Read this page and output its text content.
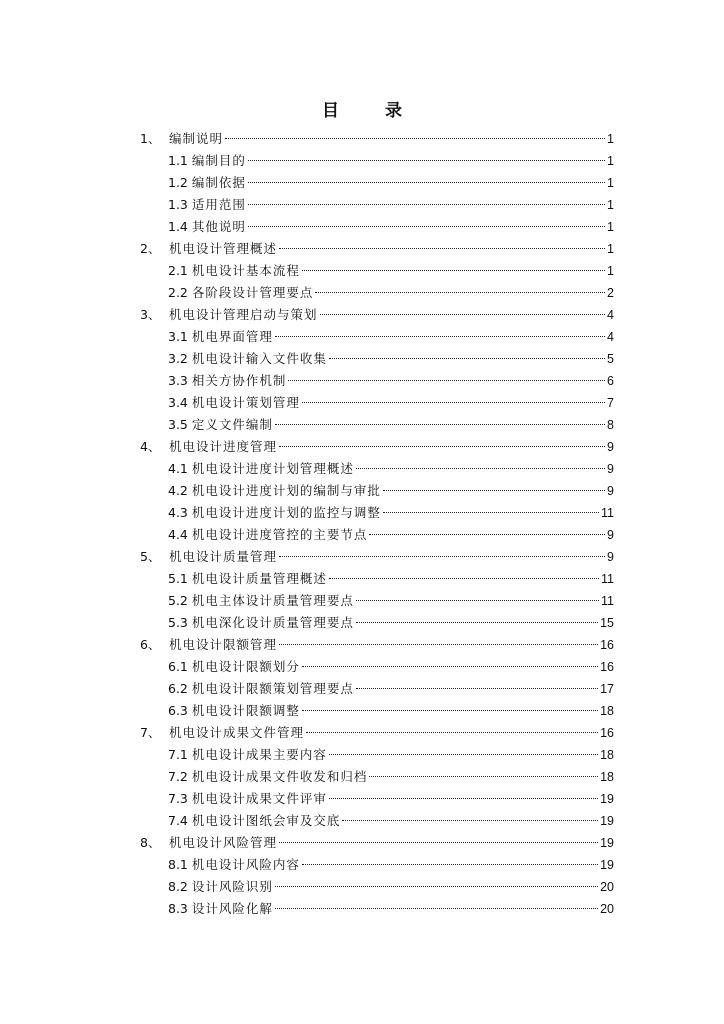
目 录
1、 编制说明	1
1.1 编制目的	1
1.2 编制依据	1
1.3 适用范围	1
1.4 其他说明	1
2、 机电设计管理概述	1
2.1 机电设计基本流程	1
2.2 各阶段设计管理要点	2
3、 机电设计管理启动与策划	4
3.1 机电界面管理	4
3.2 机电设计输入文件收集	5
3.3 相关方协作机制	6
3.4 机电设计策划管理	7
3.5 定义文件编制	8
4、 机电设计进度管理	9
4.1 机电设计进度计划管理概述	9
4.2 机电设计进度计划的编制与审批	9
4.3 机电设计进度计划的监控与调整	11
4.4 机电设计进度管控的主要节点	9
5、 机电设计质量管理	9
5.1 机电设计质量管理概述	11
5.2 机电主体设计质量管理要点	11
5.3 机电深化设计质量管理要点	15
6、 机电设计限额管理	16
6.1 机电设计限额划分	16
6.2 机电设计限额策划管理要点	17
6.3 机电设计限额调整	18
7、 机电设计成果文件管理	16
7.1 机电设计成果主要内容	18
7.2 机电设计成果文件收发和归档	18
7.3 机电设计成果文件评审	19
7.4 机电设计图纸会审及交底	19
8、 机电设计风险管理	19
8.1 机电设计风险内容	19
8.2 设计风险识别	20
8.3 设计风险化解	20
